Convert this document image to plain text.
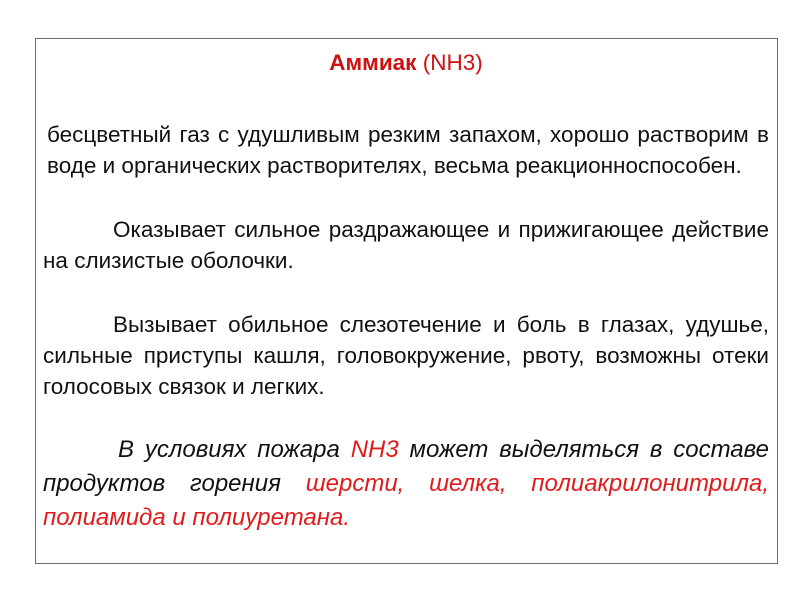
Аммиак (NH3)

бесцветный газ с удушливым резким запахом, хорошо растворим в воде и органических растворителях, весьма реакционноспособен.

Оказывает сильное раздражающее и прижигающее действие на слизистые оболочки.

Вызывает обильное слезотечение и боль в глазах, удушье, сильные приступы кашля, головокружение, рвоту, возможны отеки голосовых связок и легких.

В условиях пожара NH3 может выделяться в составе продуктов горения шерсти, шелка, полиакрилонитрила, полиамида и полиуретана.
